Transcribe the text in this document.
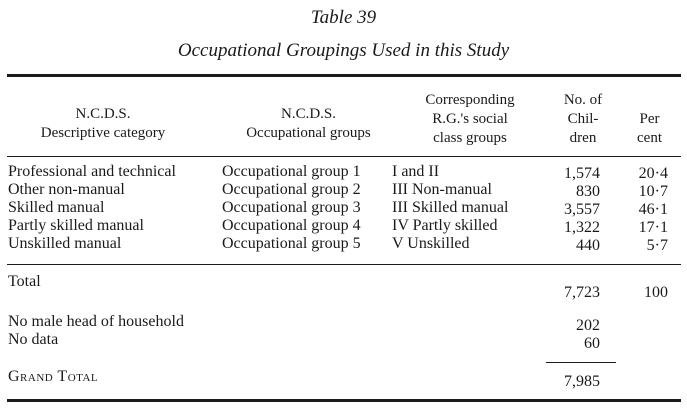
Table 39
Occupational Groupings Used in this Study
N.C.D.S.
Descriptive category
N.C.D.S.
Occupational groups
Corresponding
R.G.'s social
class groups
No. of
Chil-
dren
Per
cent
Professional and technical
Other non-manual
Skilled manual
Partly skilled manual
Unskilled manual
Occupational group 1
Occupational group 2
Occupational group 3
Occupational group 4
Occupational group 5
I and II
III Non-manual
III Skilled manual
IV Partly skilled
V Unskilled
1,574
830
3,557
1,322
440
20·4
10·7
46·1
17·1
5·7
Total
7,723	100
No male head of household
No data
202
60
Grand Total	7,985
